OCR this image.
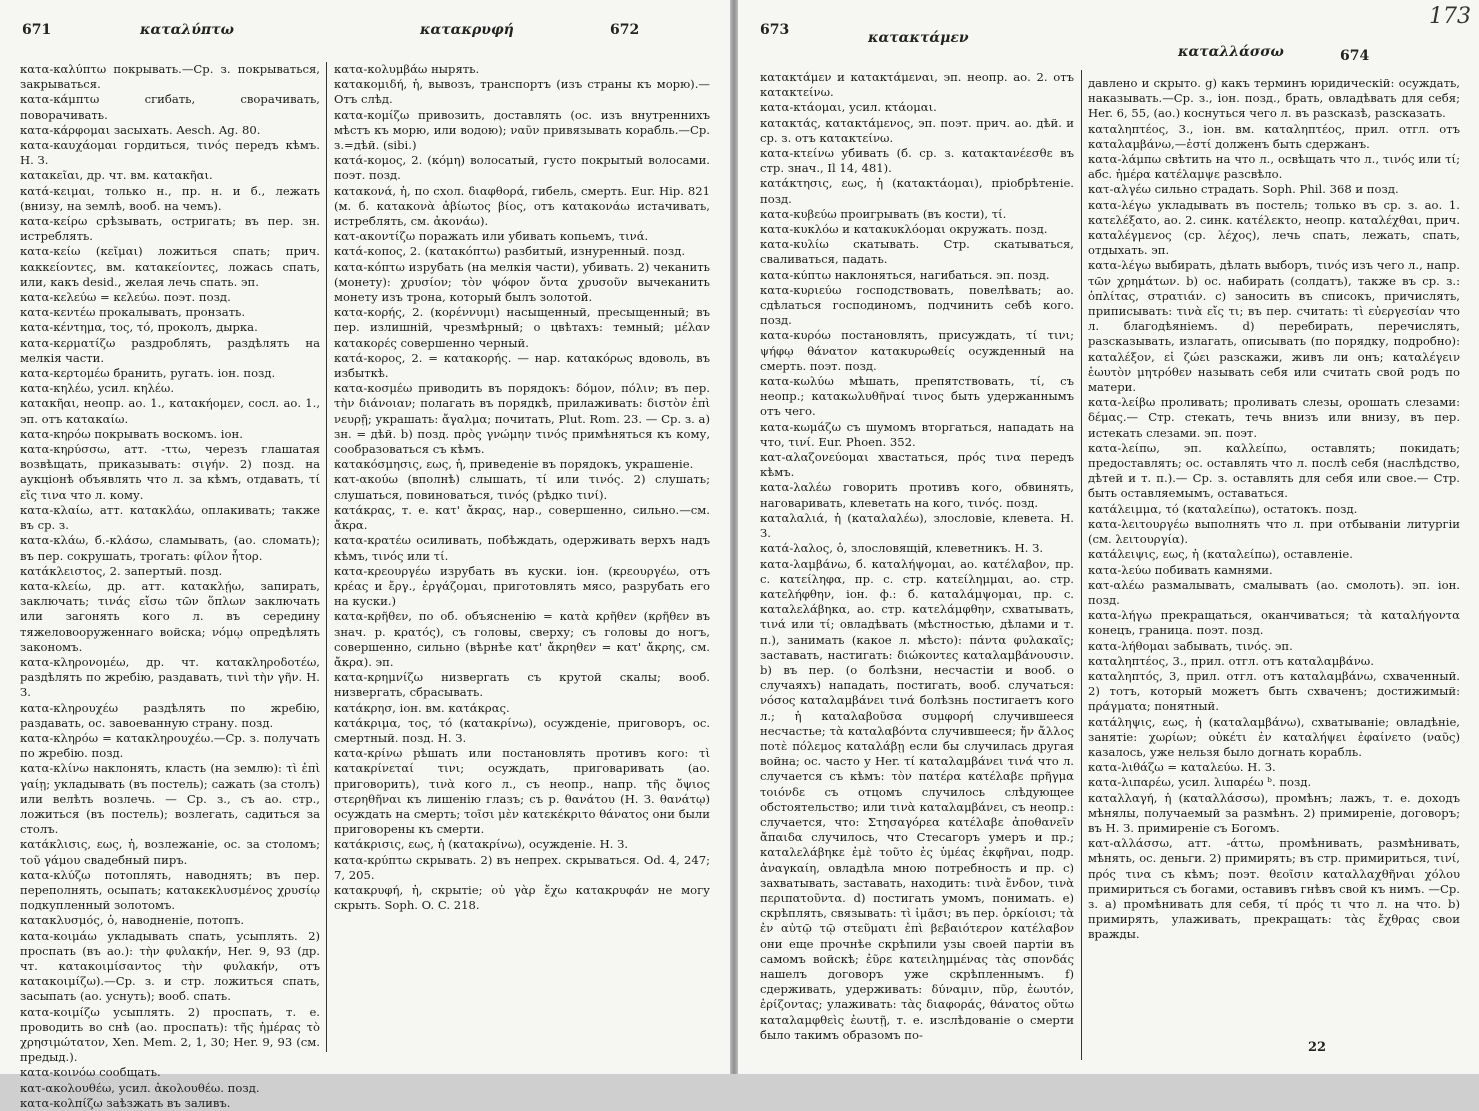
671	καταλύπτω	κατακρυφή	672

κατα-καλύπτω покрывать.—Ср. з. покрываться, закрываться.

κατα-κάμπτω сгибать, сворачивать, поворачивать.

κατα-κάρφομαι засыхать. Aesch. Ag. 80.

κατα-καυχάομαι гордиться, τινός передъ кѣмъ. Н. З.

κατακεῖαι, др. чт. вм. κατακῆαι.

κατά-κειμαι, только н., пр. н. и б., лежать (внизу, на землѣ, вооб. на чемъ).

κατα-κείρω срѣзывать, остригать; въ пер. зн. истреблять.

κατα-κείω (κεῖμαι) ложиться спать; прич. κακκείοντες, вм. κατακείοντες, ложась спать, или, какъ desid., желая лечь спать. эп.

κατα-κελεύω = κελεύω. поэт. позд.

κατα-κεντέω прокалывать, пронзать.

κατα-κέντημα, τος, τό, проколъ, дырка.

κατα-κερματίζω раздроблять, раздѣлять на мелкія части.

κατα-κερτομέω бранить, ругать. іон. позд.

κατα-κηλέω, усил. κηλέω.

κατακῆαι, неопр. ао. 1., κατακήομεν, сосл. ао. 1., эп. отъ κατακαίω.

κατα-κηρόω покрывать воскомъ. іон.

κατα-κηρύσσω, атт. -ττω, черезъ глашатая возвѣщать, приказывать: σιγήν. 2) позд. на аукціонѣ объявлять что л. за кѣмъ, отдавать, τί εἴς τινα что л. кому.

κατα-κλαίω, атт. κατακλάω, оплакивать; также въ ср. з.

κατα-κλάω, б.-κλάσω, сламывать, (ао. сломать); въ пер. сокрушать, трогать: φίλον ἦτορ.

κατάκλειστος, 2. запертый. позд.

κατα-κλείω, др. атт. κατακλῄω, запирать, заключать; τινάς εἴσω τῶν ὅπλων заключать или загонять кого л. въ середину тяжеловооруженнаго войска; νόμῳ опредѣлять закономъ.

κατα-κληρονομέω, др. чт. κατακληροδοτέω, раздѣлять по жребію, раздавать, τινὶ τὴν γῆν. Н. З.

κατα-κληρουχέω раздѣлять по жребію, раздавать, ос. завоеванную страну. позд.

κατα-κληρόω = κατακληρουχέω.—Ср. з. получать по жребію. позд.

κατα-κλίνω наклонять, класть (на землю): τὶ ἐπὶ γαίῃ; укладывать (въ постель); сажать (за столъ) или велѣть возлечь. — Ср. з., съ ао. стр., ложиться (въ постель); возлегать, садиться за столъ.

κατάκλισις, εως, ἡ, возлежаніе, ос. за столомъ; τοῦ γάμου свадебный пиръ.

κατα-κλύζω потоплять, наводнять; въ пер. переполнять, осыпать; κατακεκλυσμένος χρυσίῳ подкупленный золотомъ.

κατακλυσμός, ὁ, наводненіе, потопъ.

κατα-κοιμάω укладывать спать, усыплять. 2) проспать (въ ао.): τὴν φυλακήν, Her. 9, 93 (др. чт. κατακοιμίσαντος τὴν φυλακήν, отъ κατακοιμίζω).—Ср. з. и стр. ложиться спать, засыпать (ао. уснуть); вооб. спать.

κατα-κοιμίζω усыплять. 2) проспать, т. е. проводить во снѣ (ао. проспать): τῆς ἡμέρας τὸ χρησιμώτατον, Xen. Mem. 2, 1, 30; Her. 9, 93 (см. предыд.).

κατα-κοινόω сообщать.

κατ-ακολουθέω, усил. ἀκολουθέω. позд.

κατα-κολπίζω заѣзжать въ заливъ.

κατα-κολυμβάω нырять.

κατακομιδή, ἡ, вывозъ, транспортъ (изъ страны къ морю).—Отъ слѣд.

κατα-κομίζω привозить, доставлять (ос. изъ внутреннихъ мѣстъ къ морю, или водою); ναῦν привязывать корабль.—Ср. з.=дѣй. (sibi.)

κατά-κομος, 2. (κόμη) волосатый, густо покрытый волосами. поэт. позд.

κατακονά, ἡ, по схол. διαφθορά, гибель, смерть. Eur. Hip. 821 (м. б. κατακονὰ ἀβίωτος βίος, отъ κατακονάω истачивать, истреблять, см. ἀκονάω).

κατ-ακοντίζω поражать или убивать копьемъ, τινά.

κατά-κοπος, 2. (κατακόπτω) разбитый, изнуренный. позд.

κατα-κόπτω изрубать (на мелкія части), убивать. 2) чеканить (монету): χρυσίον; τὸν ψόφον ὄντα χρυσοῦν вычеканить монету изъ трона, который былъ золотой.

κατα-κορής, 2. (κορέννυμι) насыщенный, пресыщенный; въ пер. излишній, чрезмѣрный; о цвѣтахъ: темный; μέλαν κατακορές совершенно черный.

κατά-κορος, 2. = κατακορής. — нар. κατακόρως вдоволь, въ избыткѣ.

κατα-κοσμέω приводить въ порядокъ: δόμον, πόλιν; въ пер. τὴν διάνοιαν; полагать въ порядкѣ, прилаживать: διστὸν ἐπὶ νευρῇ; украшать: ἄγαλμα; почитать, Plut. Rom. 23. — Ср. з. а) зн. = дѣй. b) позд. πρὸς γνώμην τινός примѣняться къ кому, сообразоваться съ кѣмъ.

κατακόσμησις, εως, ἡ, приведеніе въ порядокъ, украшеніе.

κατ-ακούω (вполнѣ) слышать, τί или τινός. 2) слушать; слушаться, повиноваться, τινός (рѣдко τινί).

κατάκρας, т. е. κατ' ἄκρας, нар., совершенно, сильно.—см. ἄκρα.

κατα-κρατέω осиливать, побѣждать, одерживать верхъ надъ кѣмъ, τινός или τί.

κατα-κρεουργέω изрубать въ куски. іон. (κρεουργέω, отъ κρέας и ἔργ., ἐργάζομαι, приготовлять мясо, разрубать его на куски.)

κατα-κρῆθεν, по об. объясненію = κατὰ κρῆθεν (κρῆθεν въ знач. р. κρατός), съ головы, сверху; съ головы до ногъ, совершенно, сильно (вѣрнѣе κατ' ἄκρηθεν = κατ' ἄκρης, см. ἄκρα). эп.

κατα-κρημνίζω низвергать съ крутой скалы; вооб. низвергать, сбрасывать.

κατάκρησ, іон. вм. κατάκρας.

κατάκριμα, τος, τό (κατακρίνω), осужденіе, приговоръ, ос. смертный. позд. Н. З.

κατα-κρίνω рѣшать или постановлять противъ кого: τὶ κατακρίνεταί τινι; осуждать, приговаривать (ао. приговорить), τινὰ кого л., съ неопр., напр. τῆς ὄψιος στερηθῆναι къ лишенію глазъ; съ р. θανάτου (Н. З. θανάτῳ) осуждать на смерть; τοῖσι μὲν κατεκέκριτο θάνατος они были приговорены къ смерти.

κατάκρισις, εως, ἡ (κατακρίνω), осужденіе. Н. З.

κατα-κρύπτω скрывать. 2) въ непрех. скрываться. Od. 4, 247; 7, 205.

κατακρυφή, ἡ, скрытіе; οὐ γὰρ ἔχω κατακρυφάν не могу скрыть. Soph. O. C. 218.

673	κατακτάμεν
καταλλάσσω	674
173

κατακτάμεν и κατακτάμεναι, эп. неопр. ао. 2. отъ κατακτείνω.

κατα-κτάομαι, усил. κτάομαι.

κατακτάς, κατακτάμενος, эп. поэт. прич. ао. дѣй. и ср. з. отъ κατακτείνω.

κατα-κτείνω убивать (б. ср. з. κατακτανέεσθε въ стр. знач., Il 14, 481).

κατάκτησις, εως, ἡ (κατακτάομαι), пріобрѣтеніе. позд.

κατα-κυβεύω проигрывать (въ кости), τί.

κατα-κυκλόω и κατακυκλόομαι окружать. позд.

κατα-κυλίω скатывать. Стр. скатываться, сваливаться, падать.

κατα-κύπτω наклоняться, нагибаться. эп. позд.

κατα-κυριεύω господствовать, повелѣвать; ао. сдѣлаться господиномъ, подчинить себѣ кого. позд.

κατα-κυρόω постановлять, присуждать, τί τινι; ψήφῳ θάνατον κατακυρωθείς осужденный на смерть. поэт. позд.

κατα-κωλύω мѣшать, препятствовать, τί, съ неопр.; κατακωλυθῆναί τινος быть удержаннымъ отъ чего.

κατα-κωμάζω съ шумомъ вторгаться, нападать на что, τινί. Eur. Phoen. 352.

κατ-αλαζονεύομαι хвастаться, πρός τινα передъ кѣмъ.

κατα-λαλέω говорить противъ кого, обвинять, наговаривать, клеветать на кого, τινός. позд.

καταλαλιά, ἡ (καταλαλέω), злословіе, клевета. Н. З.

κατά-λαλος, ὁ, злословящій, клеветникъ. Н. З.

κατα-λαμβάνω, б. καταλήψομαι, ао. κατέλαβον, пр. с. κατείληφα, пр. с. стр. κατείλημμαι, ао. стр. κατελήφθην, іон. ф.: б. καταλάμψομαι, пр. с. καταλελάβηκα, ао. стр. κατελάμφθην, схватывать, τινά или τί; овладѣвать (мѣстностью, дѣлами и т. п.), занимать (какое л. мѣсто): πάντα φυλακαῖς; заставать, настигать: διώκοντες καταλαμβάνουσιν. b) въ пер. (о болѣзни, несчастіи и вооб. о случаяхъ) нападать, постигать, вооб. случаться: νόσος καταλαμβάνει τινά болѣзнь постигаетъ кого л.; ἡ καταλαβοῦσα συμφορή случившееся несчастье; τὰ καταλαβόντα случившееся; ἤν ἄλλος ποτὲ πόλεμος καταλάβῃ если бы случилась другая война; ос. часто у Her. τί καταλαμβάνει τινά что л. случается съ кѣмъ: τὸν πατέρα κατέλαβε πρῆγμα τοιόνδε съ отцомъ случилось слѣдующее обстоятельство; или τινὰ καταλαμβάνει, съ неопр.: случается, что: Στησαγόρεα κατέλαβε ἀποθανεῖν ἄπαιδα случилось, что Стесагоръ умеръ и пр.; καταλελάβηκε ἐμὲ τοῦτο ἐς ὑμέας ἐκφῆναι, подр. ἀναγκαίη, овладѣла мною потребность и пр. c) захватывать, заставать, находить: τινὰ ἔνδον, τινὰ περιπατοῦντα. d) постигать умомъ, понимать. e) скрѣплять, связывать: τὶ ἱμᾶσι; въ пер. ὁρκίοισι; τὰ ἐν αὐτῷ τῷ στεῦματι ἐπὶ βεβαιότερον κατέλαβον они еще прочнѣе скрѣпили узы своей партіи въ самомъ войскѣ; ἐῦρε κατειλημμένας τὰς σπονδάς нашелъ договоръ уже скрѣпленнымъ. f) сдерживать, удерживать: δύναμιν, πῦρ, ἐωυτόν, ἐρίζοντας; улаживать: τὰς διαφοράς, θάνατος οὕτω καταλαμφθεὶς ἐωυτῇ, т. е. изслѣдованіе о смерти было такимъ образомъ по-

давлено и скрыто. g) какъ терминъ юридическій: осуждать, наказывать.—Ср. з., іон. позд., брать, овладѣвать для себя; Her. 6, 55, (ао.) коснуться чего л. въ разсказѣ, разсказать.

καταληπτέος, 3., іон. вм. καταληπτέος, прил. отгл. отъ καταλαμβάνω,—ἐστί долженъ быть сдержанъ.

κατα-λάμπω свѣтить на что л., освѣщать что л., τινός или τί; абс. ἡμέρα κατέλαμψε разсвѣло.

κατ-αλγέω сильно страдать. Soph. Phil. 368 и позд.

κατα-λέγω укладывать въ постель; только въ ср. з. ао. 1. κατελέξατο, ао. 2. синк. κατέλεκτο, неопр. καταλέχθαι, прич. καταλέγμενος (ср. λέχος), лечь спать, лежать, спать, отдыхать. эп.

κατα-λέγω выбирать, дѣлать выборъ, τινός изъ чего л., напр. τῶν χρημάτων. b) ос. набирать (солдатъ), также въ ср. з.: ὁπλίτας, στρατιάν. c) заносить въ списокъ, причислять, приписывать: τινὰ εἴς τι; въ пер. считать: τὶ εὐεργεσίαν что л. благодѣяніемъ. d) перебирать, перечислять, разсказывать, излагать, описывать (по порядку, подробно): καταλέξον, εἰ ζώει разскажи, живъ ли онъ; καταλέγειν ἑωυτὸν μητρόθεν называть себя или считать свой родъ по матери.

κατα-λείβω проливать; проливать слезы, орошать слезами: δέμας.— Стр. стекать, течь внизъ или внизу, въ пер. истекать слезами. эп. поэт.

κατα-λείπω, эп. καλλείπω, оставлять; покидать; предоставлять; ос. оставлять что л. послѣ себя (наслѣдство, дѣтей и т. п.).— Ср. з. оставлять для себя или свое.— Стр. быть оставляемымъ, оставаться.

κατάλειμμα, τό (καταλείπω), остатокъ. позд.

κατα-λειτουργέω выполнять что л. при отбываніи литургіи (см. λειτουργία).

κατάλειψις, εως, ἡ (καταλείπω), оставленіе.

κατα-λεύω побивать камнями.

κατ-αλέω размалывать, смалывать (ао. смолоть). эп. іон. позд.

κατα-λήγω прекращаться, оканчиваться; τὰ καταλήγοντα конецъ, граница. поэт. позд.

κατα-λήθομαι забывать, τινός. эп.

καταληπτέος, 3., прил. отгл. отъ καταλαμβάνω.

καταληπτός, 3, прил. отгл. отъ καταλαμβάνω, схваченный. 2) тотъ, который можетъ быть схваченъ; достижимый: πράγματα; понятный.

κατάληψις, εως, ἡ (καταλαμβάνω), схватываніе; овладѣніе, занятіе: χωρίων; οὐκέτι ἐν καταλήψει ἐφαίνετο (ναῦς) казалось, уже нельзя было догнать корабль.

κατα-λιθάζω = καταλεύω. Н. З.

κατα-λιπαρέω, усил. λιπαρέω ᵇ. позд.

καταλλαγή, ἡ (καταλλάσσω), промѣнъ; лажъ, т. е. доходъ мѣнялы, получаемый за размѣнъ. 2) примиреніе, договоръ; въ Н. З. примиреніе съ Богомъ.

κατ-αλλάσσω, атт. -άττω, промѣнивать, размѣнивать, мѣнять, ос. деньги. 2) примирять; въ стр. примириться, τινί, πρός τινα съ кѣмъ; поэт. θεοῖσιν καταλλαχθῆναι χόλου примириться съ богами, оставивъ гнѣвъ свой къ нимъ. —Ср. з. а) промѣнивать для себя, τί πρός τι что л. на что. b) примирять, улаживать, прекращать: τὰς ἔχθρας свои вражды.

22
